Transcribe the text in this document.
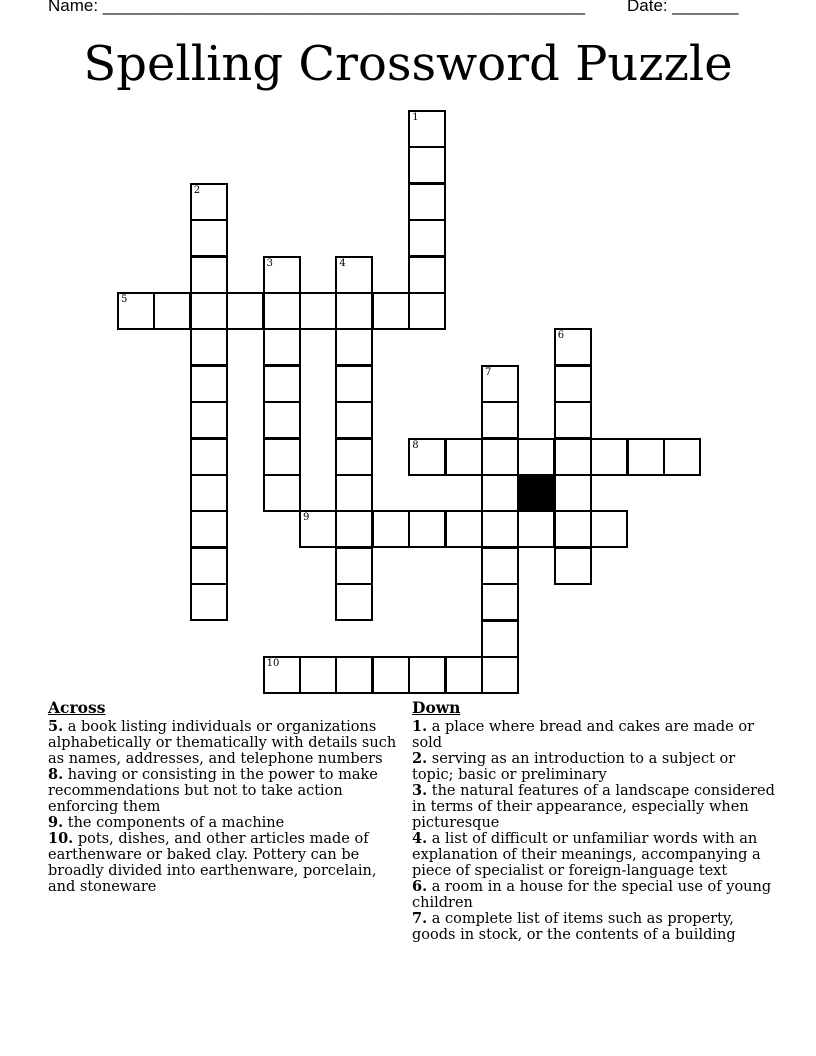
Name: ___________________________________________________ Date: _______
Spelling Crossword Puzzle
1
2
3	4
5
6
7
8
9
10
Across

5. a book listing individuals or organizations alphabetically or thematically with details such as names, addresses, and telephone numbers

8. having or consisting in the power to make recommendations but not to take action enforcing them

9. the components of a machine

10. pots, dishes, and other articles made of earthenware or baked clay. Pottery can be broadly divided into earthenware, porcelain, and stoneware

Down

1. a place where bread and cakes are made or sold

2. serving as an introduction to a subject or topic; basic or preliminary

3. the natural features of a landscape considered in terms of their appearance, especially when picturesque

4. a list of difficult or unfamiliar words with an explanation of their meanings, accompanying a piece of specialist or foreign-language text

6. a room in a house for the special use of young children

7. a complete list of items such as property, goods in stock, or the contents of a building
